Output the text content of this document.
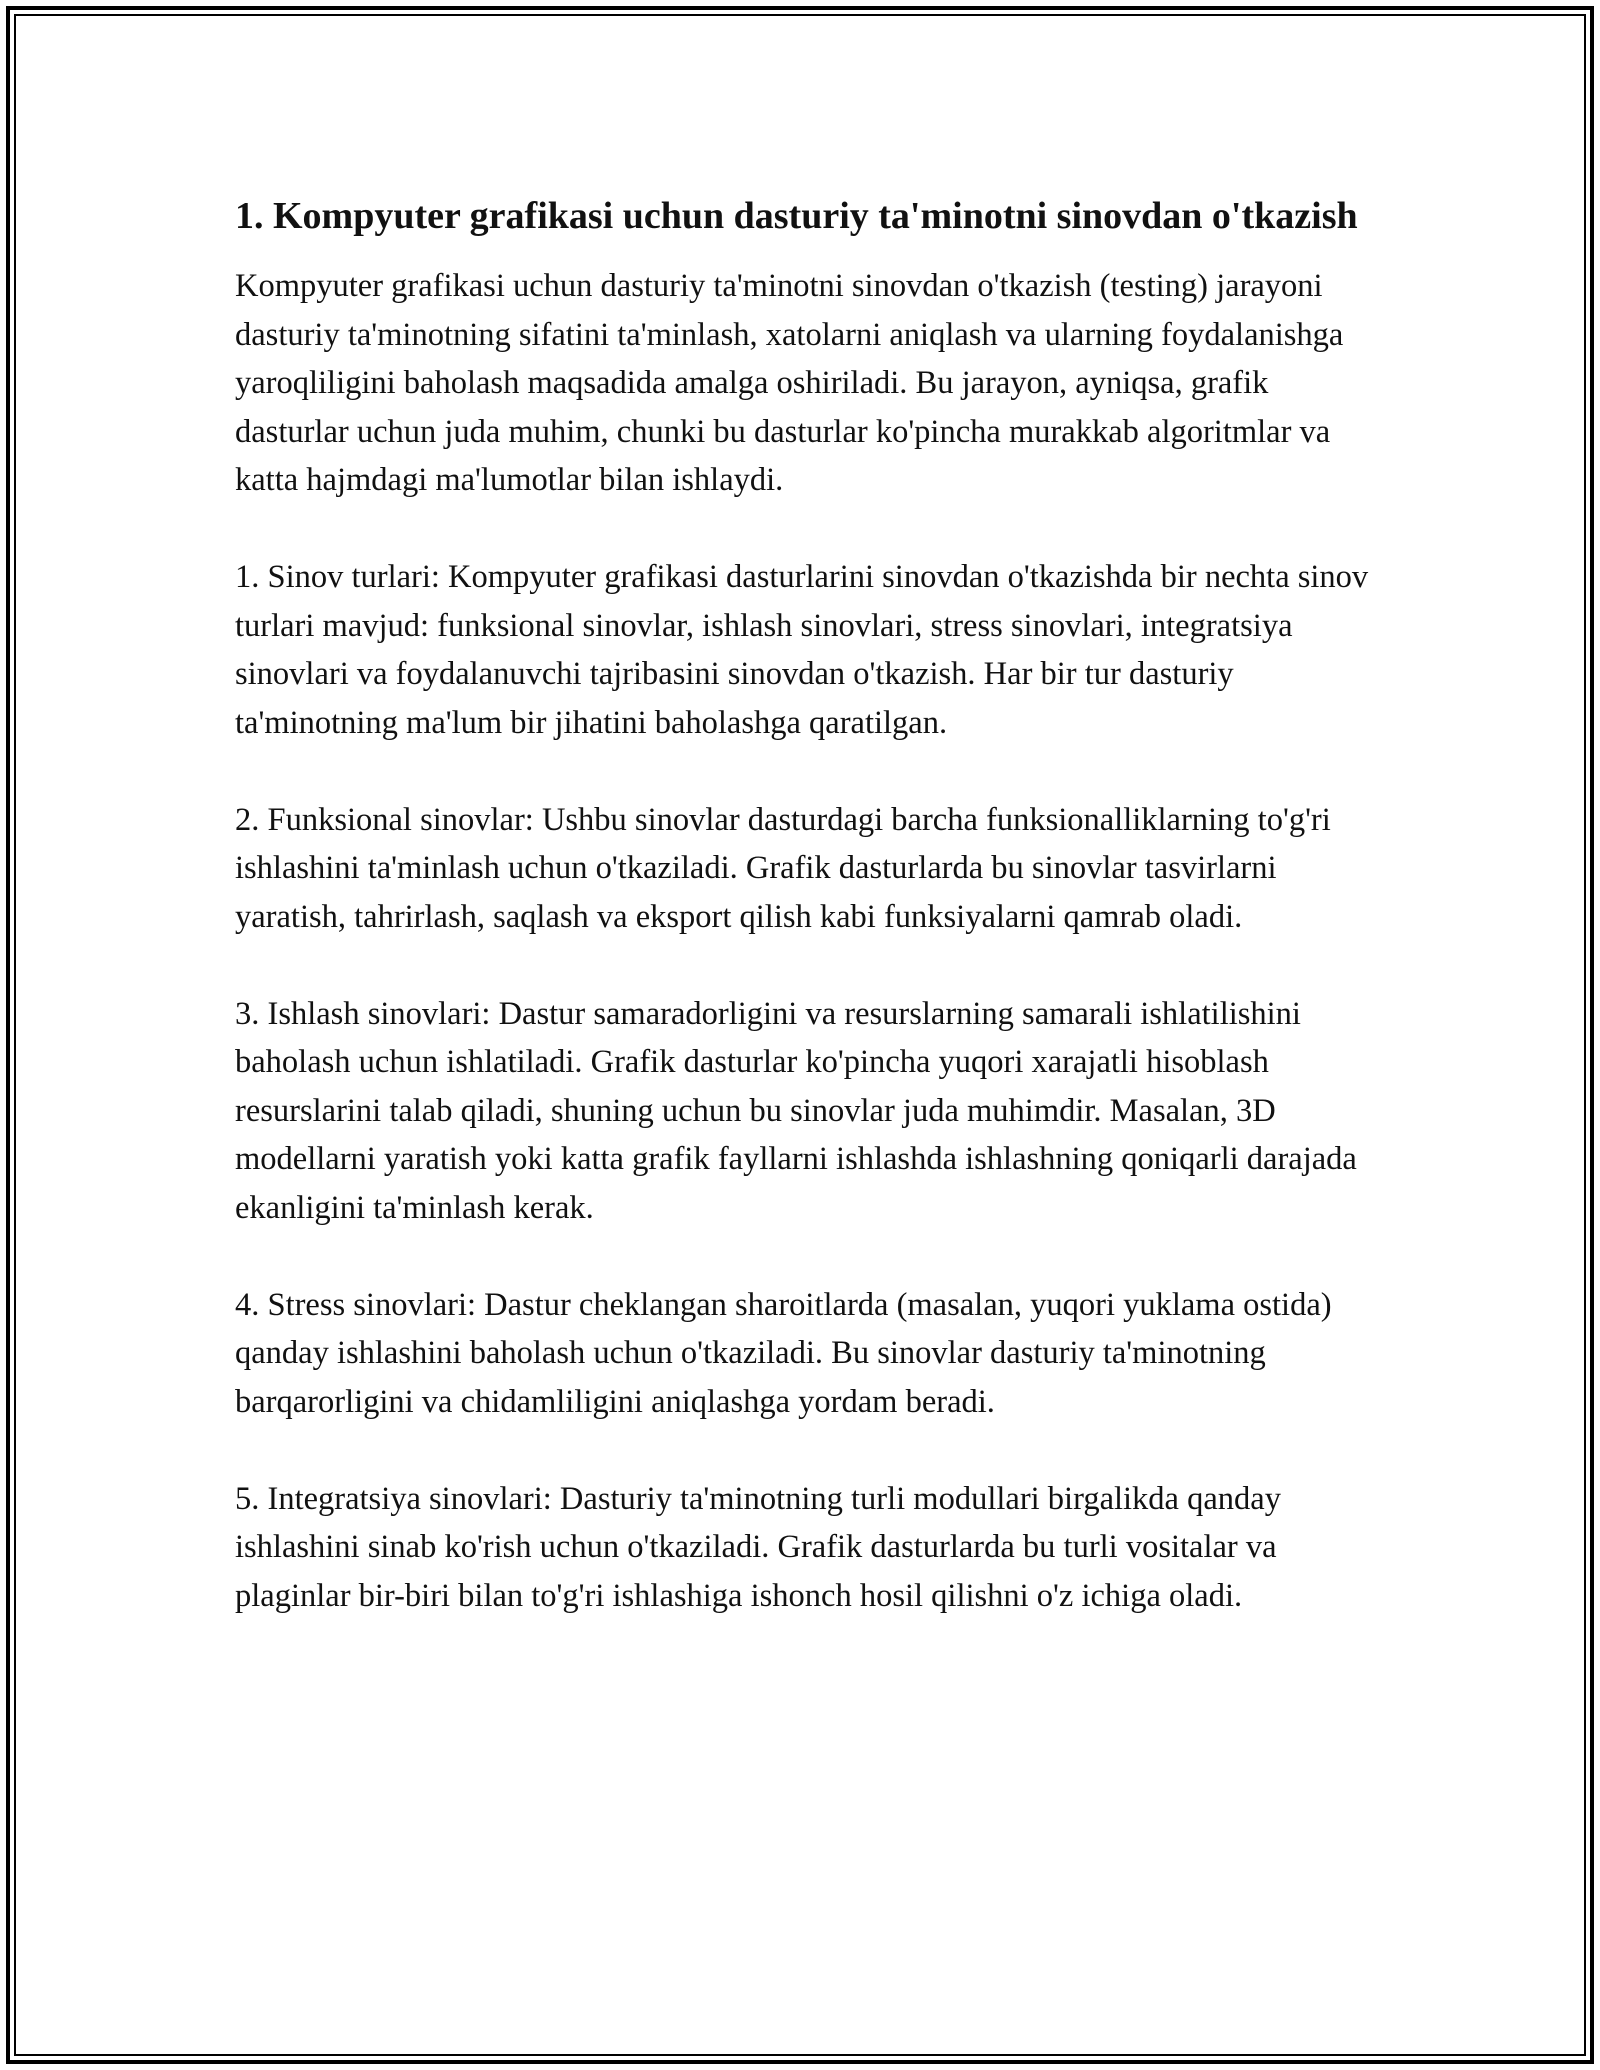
1. Kompyuter grafikasi uchun dasturiy ta'minotni sinovdan o'tkazish

Kompyuter grafikasi uchun dasturiy ta'minotni sinovdan o'tkazish (testing) jarayoni dasturiy ta'minotning sifatini ta'minlash, xatolarni aniqlash va ularning foydalanishga yaroqliligini baholash maqsadida amalga oshiriladi. Bu jarayon, ayniqsa, grafik dasturlar uchun juda muhim, chunki bu dasturlar ko'pincha murakkab algoritmlar va katta hajmdagi ma'lumotlar bilan ishlaydi.

1. Sinov turlari: Kompyuter grafikasi dasturlarini sinovdan o'tkazishda bir nechta sinov turlari mavjud: funksional sinovlar, ishlash sinovlari, stress sinovlari, integratsiya sinovlari va foydalanuvchi tajribasini sinovdan o'tkazish. Har bir tur dasturiy ta'minotning ma'lum bir jihatini baholashga qaratilgan.

2. Funksional sinovlar: Ushbu sinovlar dasturdagi barcha funksionalliklarning to'g'ri ishlashini ta'minlash uchun o'tkaziladi. Grafik dasturlarda bu sinovlar tasvirlarni yaratish, tahrirlash, saqlash va eksport qilish kabi funksiyalarni qamrab oladi.

3. Ishlash sinovlari: Dastur samaradorligini va resurslarning samarali ishlatilishini baholash uchun ishlatiladi. Grafik dasturlar ko'pincha yuqori xarajatli hisoblash resurslarini talab qiladi, shuning uchun bu sinovlar juda muhimdir. Masalan, 3D modellarni yaratish yoki katta grafik fayllarni ishlashda ishlashning qoniqarli darajada ekanligini ta'minlash kerak.

4. Stress sinovlari: Dastur cheklangan sharoitlarda (masalan, yuqori yuklama ostida) qanday ishlashini baholash uchun o'tkaziladi. Bu sinovlar dasturiy ta'minotning barqarorligini va chidamliligini aniqlashga yordam beradi.

5. Integratsiya sinovlari: Dasturiy ta'minotning turli modullari birgalikda qanday ishlashini sinab ko'rish uchun o'tkaziladi. Grafik dasturlarda bu turli vositalar va plaginlar bir-biri bilan to'g'ri ishlashiga ishonch hosil qilishni o'z ichiga oladi.
